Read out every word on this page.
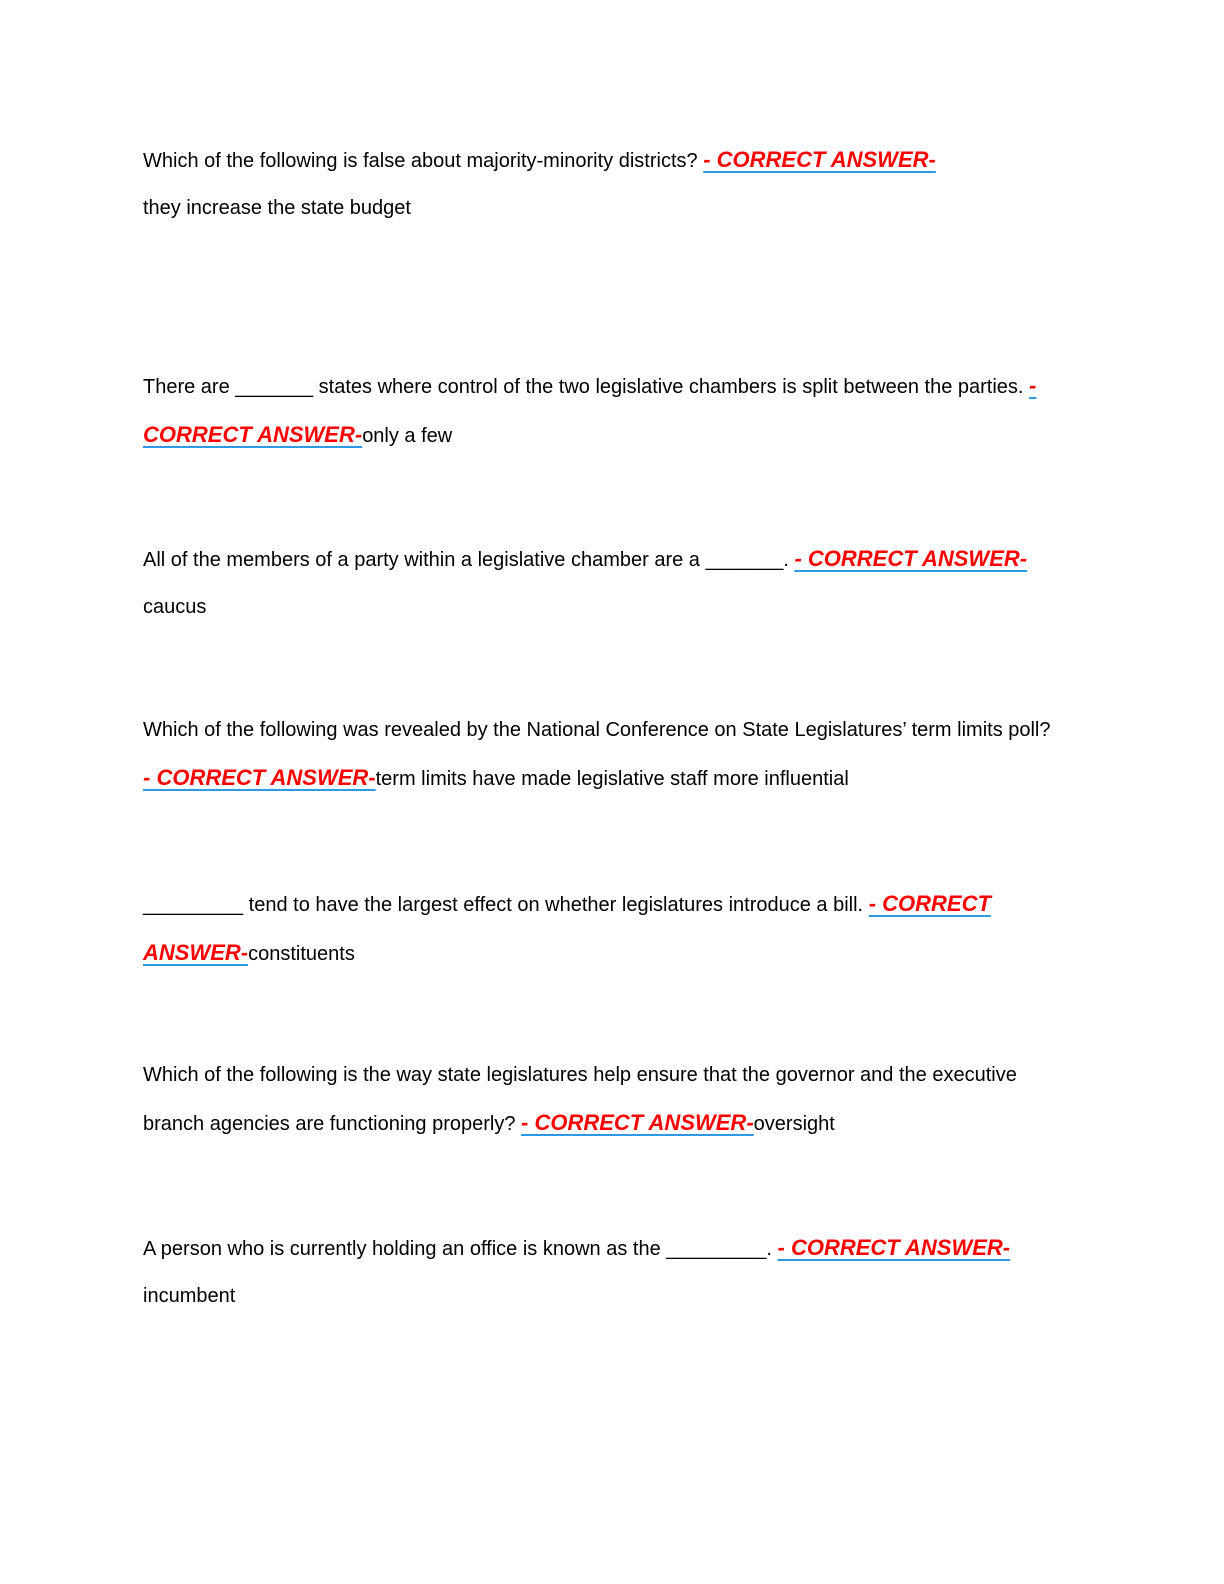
Which of the following is false about majority-minority districts? - CORRECT ANSWER-
they increase the state budget
There are _______ states where control of the two legislative chambers is split between the parties. - CORRECT ANSWER-only a few
All of the members of a party within a legislative chamber are a _______. - CORRECT ANSWER-caucus
Which of the following was revealed by the National Conference on State Legislatures’ term limits poll? - CORRECT ANSWER-term limits have made legislative staff more influential
_________ tend to have the largest effect on whether legislatures introduce a bill. - CORRECT ANSWER-constituents
Which of the following is the way state legislatures help ensure that the governor and the executive branch agencies are functioning properly? - CORRECT ANSWER-oversight
A person who is currently holding an office is known as the _________. - CORRECT ANSWER-incumbent
